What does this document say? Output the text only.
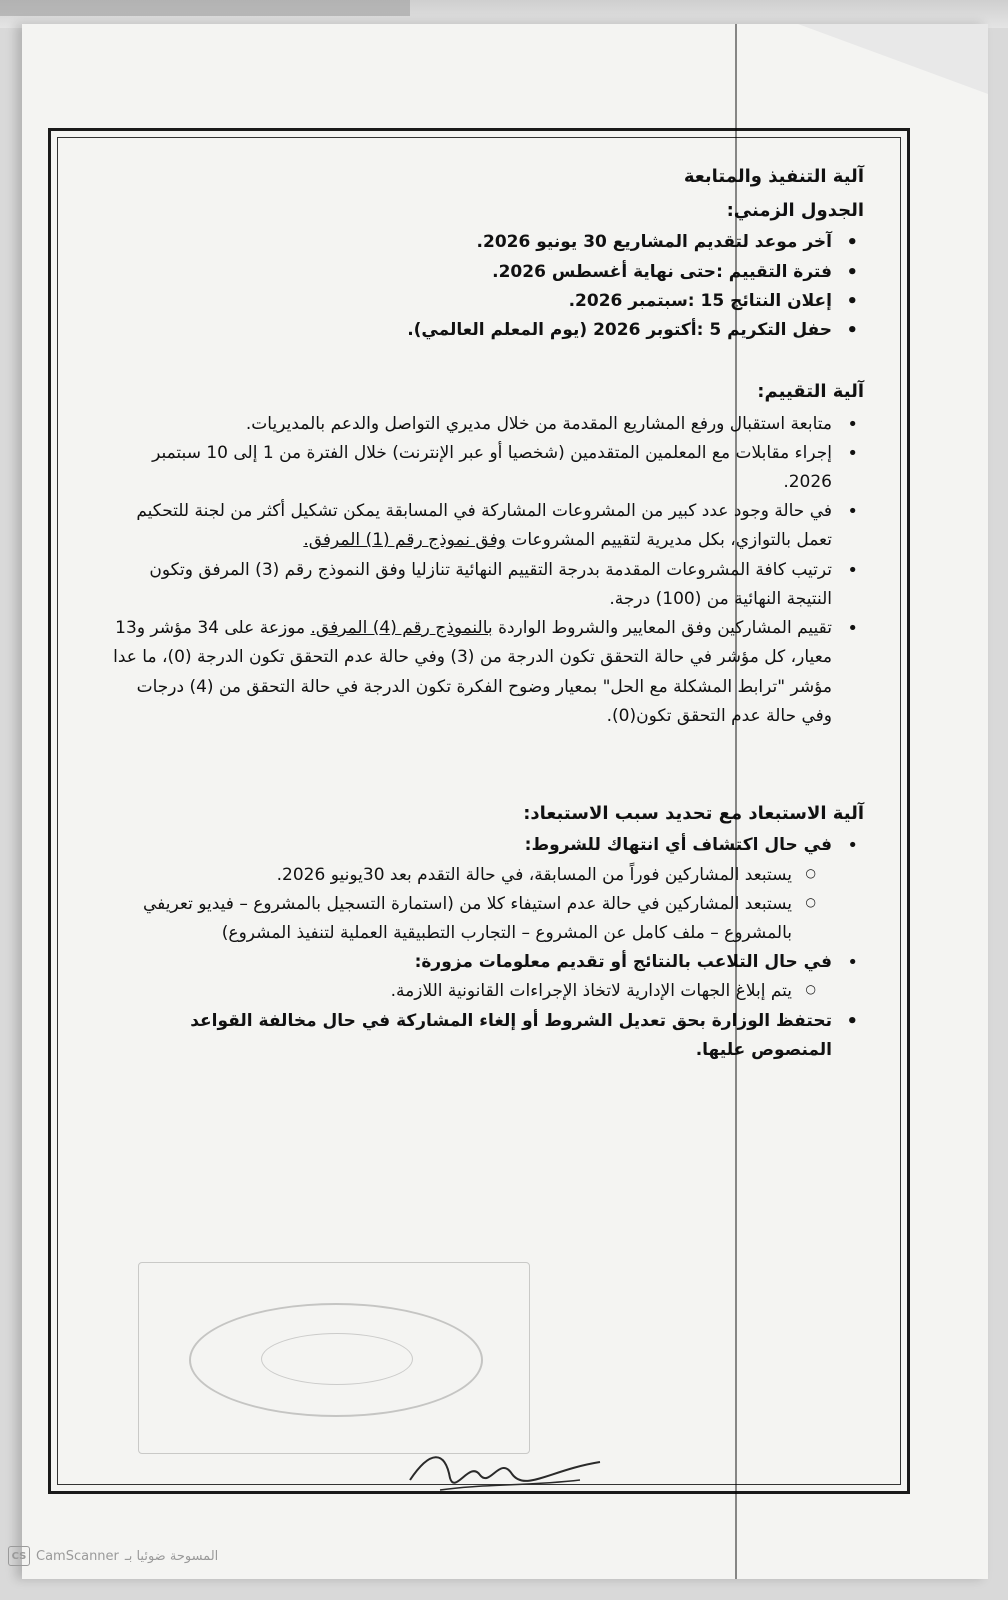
آلية التنفيذ والمتابعة
الجدول الزمني:
• آخر موعد لتقديم المشاريع 30 يونيو 2026.
• فترة التقييم :حتى نهاية أغسطس 2026.
• إعلان النتائج 15 :سبتمبر 2026.
• حفل التكريم 5 :أكتوبر 2026 (يوم المعلم العالمي).
آلية التقييم:
• متابعة استقبال ورفع المشاريع المقدمة من خلال مديري التواصل والدعم بالمديريات.
• إجراء مقابلات مع المعلمين المتقدمين (شخصيا أو عبر الإنترنت) خلال الفترة من 1 إلى 10 سبتمبر 2026.
• في حالة وجود عدد كبير من المشروعات المشاركة في المسابقة يمكن تشكيل أكثر من لجنة للتحكيم تعمل بالتوازي، بكل مديرية لتقييم المشروعات وفق نموذج رقم (1) المرفق.
• ترتيب كافة المشروعات المقدمة بدرجة التقييم النهائية تنازليا وفق النموذج رقم (3) المرفق وتكون النتيجة النهائية من (100) درجة.
• تقييم المشاركين وفق المعايير والشروط الواردة بالنموذج رقم (4) المرفق. موزعة على 34 مؤشر و13 معيار، كل مؤشر في حالة التحقق تكون الدرجة من (3) وفي حالة عدم التحقق تكون الدرجة (0)، ما عدا مؤشر "ترابط المشكلة مع الحل" بمعيار وضوح الفكرة تكون الدرجة في حالة التحقق من (4) درجات وفي حالة عدم التحقق تكون(0).
آلية الاستبعاد مع تحديد سبب الاستبعاد:
• في حال اكتشاف أي انتهاك للشروط:
○ يستبعد المشاركين فوراً من المسابقة، في حالة التقدم بعد 30يونيو 2026.
○ يستبعد المشاركين في حالة عدم استيفاء كلا من (استمارة التسجيل بالمشروع – فيديو تعريفي بالمشروع – ملف كامل عن المشروع – التجارب التطبيقية العملية لتنفيذ المشروع)
• في حال التلاعب بالنتائج أو تقديم معلومات مزورة:
○ يتم إبلاغ الجهات الإدارية لاتخاذ الإجراءات القانونية اللازمة.
• تحتفظ الوزارة بحق تعديل الشروط أو إلغاء المشاركة في حال مخالفة القواعد المنصوص عليها.
CS CamScanner المسوحة ضوئيا بـ
